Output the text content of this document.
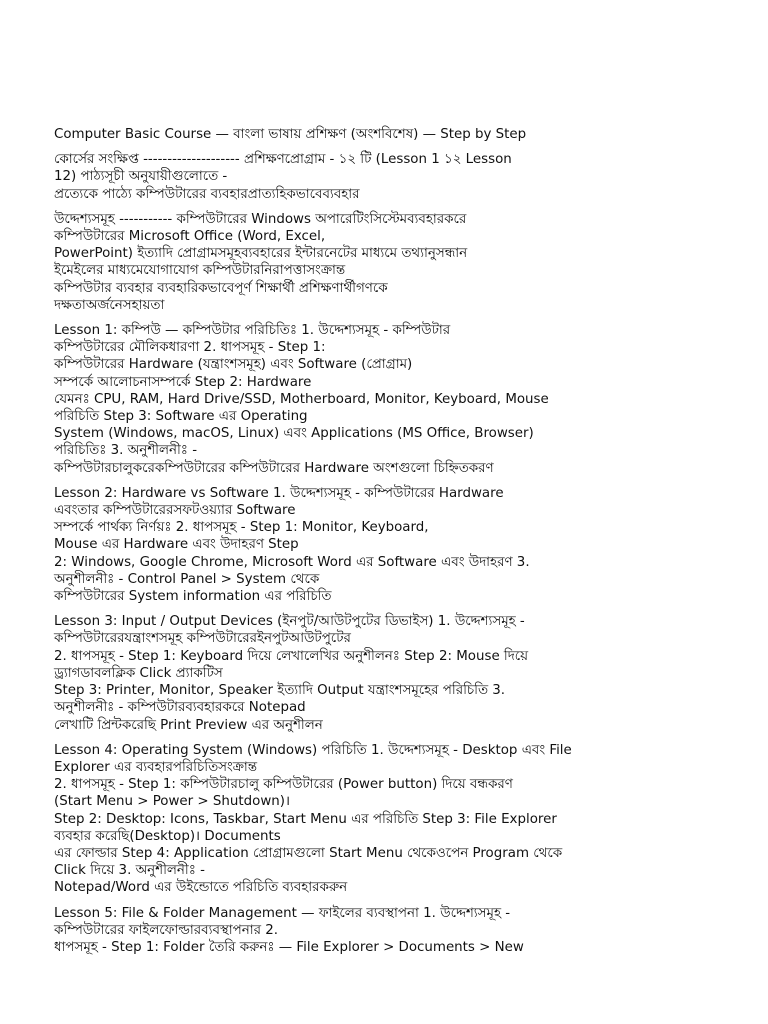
Computer Basic Course — বাংলা ভাষায় প্রশিক্ষণ (অংশবিশেষ) — Step by Step

কোর্সের সংক্ষিপ্ত -------------------- প্রশিক্ষণপ্রোগ্রাম - ১২ টি (Lesson 1 ১২ Lesson
12) পাঠ্যসূচী অনুযায়ীগুলোতে -
প্রত্যেকে পাঠ্যে কম্পিউটারের ব্যবহারপ্রাত্যহিকভাবেব্যবহার

উদ্দেশ্যসমূহ ----------- কম্পিউটারের Windows অপারেটিংসিস্টেমব্যবহারকরে
কম্পিউটারের Microsoft Office (Word, Excel,
PowerPoint) ইত্যাদি প্রোগ্রামসমূহব্যবহারের ইন্টারনেটের মাধ্যমে তথ্যানুসন্ধান
ইমেইলের মাধ্যমেযোগাযোগ কম্পিউটারনিরাপত্তাসংক্রান্ত
কম্পিউটার ব্যবহার ব্যবহারিকভাবেপূর্ণ শিক্ষার্থী প্রশিক্ষণার্থীগণকে
দক্ষতাঅর্জনেসহায়তা

Lesson 1: কম্পিউ — কম্পিউটার পরিচিতিঃ 1. উদ্দেশ্যসমূহ - কম্পিউটার
কম্পিউটারের মৌলিকধারণা 2. ধাপসমূহ - Step 1:
কম্পিউটারের Hardware (যন্ত্রাংশসমূহ) এবং Software (প্রোগ্রাম)
সম্পর্কে আলোচনাসম্পর্কে Step 2: Hardware
যেমনঃ CPU, RAM, Hard Drive/SSD, Motherboard, Monitor, Keyboard, Mouse
পরিচিতি Step 3: Software এর Operating
System (Windows, macOS, Linux) এবং Applications (MS Office, Browser)
পরিচিতিঃ 3. অনুশীলনীঃ -
কম্পিউটারচালুকরেকম্পিউটারের কম্পিউটারের Hardware অংশগুলো চিহ্নিতকরণ

Lesson 2: Hardware vs Software 1. উদ্দেশ্যসমূহ - কম্পিউটারের Hardware
এবংতার কম্পিউটারেরসফটওয়্যার Software
সম্পর্কে পার্থক্য নির্ণয়ঃ 2. ধাপসমূহ - Step 1: Monitor, Keyboard,
Mouse এর Hardware এবং উদাহরণ Step
2: Windows, Google Chrome, Microsoft Word এর Software এবং উদাহরণ 3.
অনুশীলনীঃ - Control Panel > System থেকে
কম্পিউটারের System information এর পরিচিতি

Lesson 3: Input / Output Devices (ইনপুট/আউটপুটের ডিভাইস) 1. উদ্দেশ্যসমূহ -
কম্পিউটারেরযন্ত্রাংশসমূহ কম্পিউটারেরইনপুটআউটপুটের
2. ধাপসমূহ - Step 1: Keyboard দিয়ে লেখালেখির অনুশীলনঃ Step 2: Mouse দিয়ে
ড্র্যাগডাবলক্লিক Click প্র্যাকটিস
Step 3: Printer, Monitor, Speaker ইত্যাদি Output যন্ত্রাংশসমূহের পরিচিতি 3.
অনুশীলনীঃ - কম্পিউটারব্যবহারকরে Notepad
লেখাটি প্রিন্টকরেছি Print Preview এর অনুশীলন

Lesson 4: Operating System (Windows) পরিচিতি 1. উদ্দেশ্যসমূহ - Desktop এবং File
Explorer এর ব্যবহারপরিচিতিসংক্রান্ত
2. ধাপসমূহ - Step 1: কম্পিউটারচালু কম্পিউটারের (Power button) দিয়ে বন্ধকরণ
(Start Menu > Power > Shutdown)।
Step 2: Desktop: Icons, Taskbar, Start Menu এর পরিচিতি Step 3: File Explorer
ব্যবহার করেছি(Desktop)। Documents
এর ফোল্ডার Step 4: Application প্রোগ্রামগুলো Start Menu থেকেওপেন Program থেকে
Click দিয়ে 3. অনুশীলনীঃ -
Notepad/Word এর উইন্ডোতে পরিচিতি ব্যবহারকরুন

Lesson 5: File & Folder Management — ফাইলের ব্যবস্থাপনা 1. উদ্দেশ্যসমূহ -
কম্পিউটারের ফাইলফোল্ডারব্যবস্থাপনার 2.
ধাপসমূহ - Step 1: Folder তৈরি করুনঃ — File Explorer > Documents > New
